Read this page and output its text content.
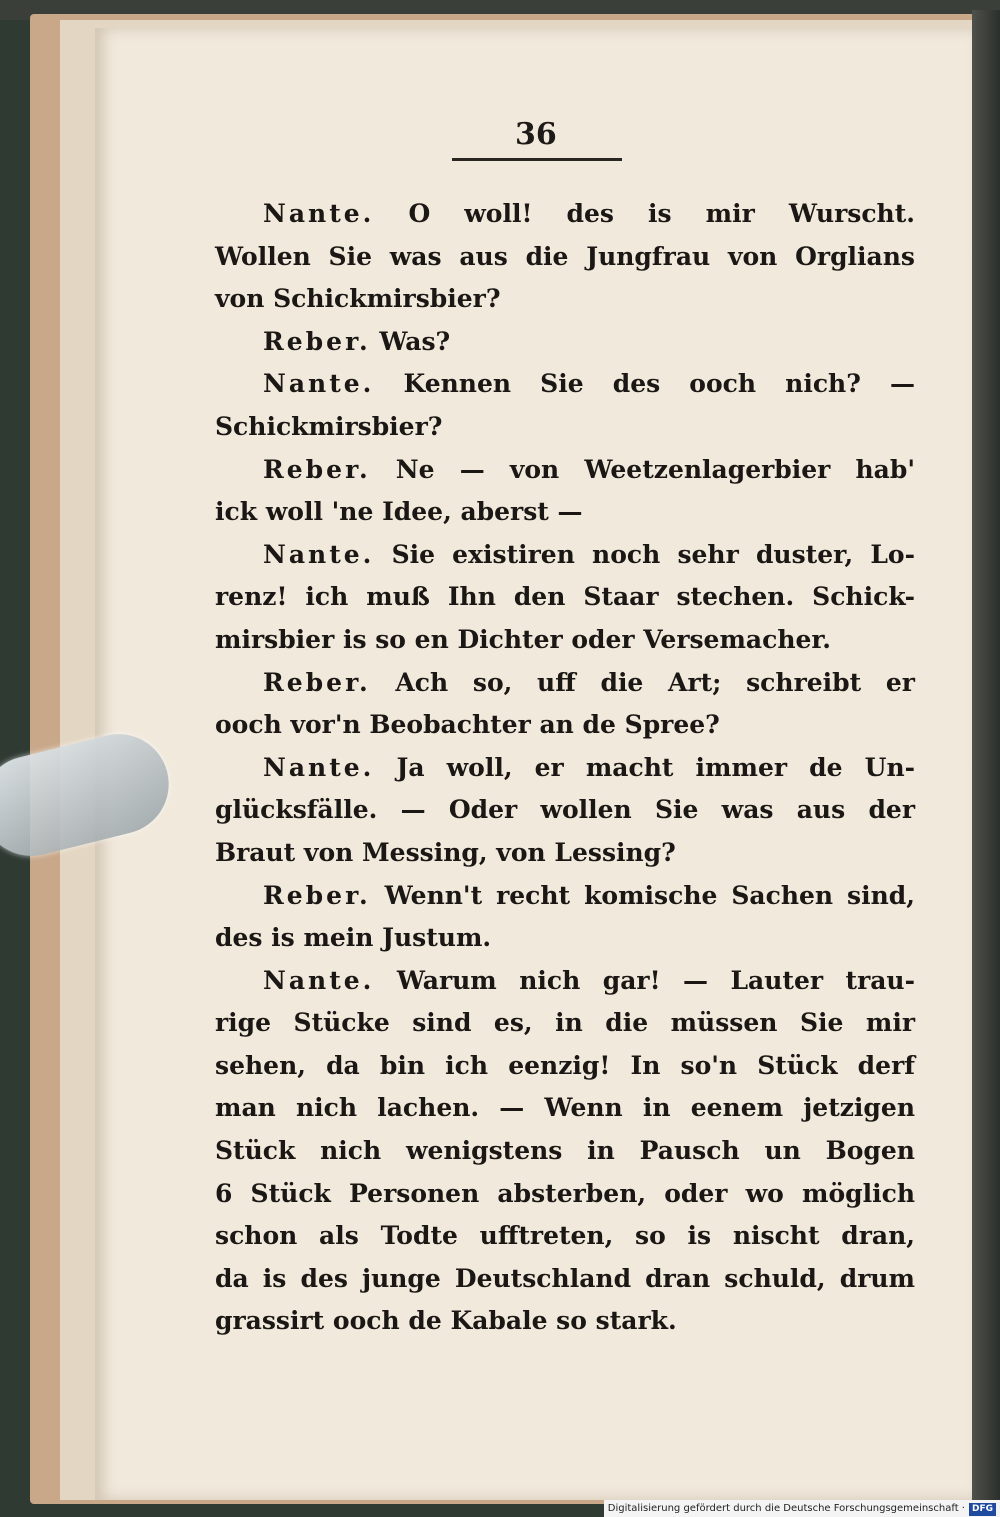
36
Nante. O woll! des is mir Wurscht.
Wollen Sie was aus die Jungfrau von Orglians
von Schickmirsbier?
Reber. Was?
Nante. Kennen Sie des ooch nich? —
Schickmirsbier?
Reber. Ne — von Weetzenlagerbier hab'
ick woll 'ne Idee, aberst —
Nante. Sie existiren noch sehr duster, Lo-
renz! ich muß Ihn den Staar stechen. Schick-
mirsbier is so en Dichter oder Versemacher.
Reber. Ach so, uff die Art; schreibt er
ooch vor'n Beobachter an de Spree?
Nante. Ja woll, er macht immer de Un-
glücksfälle. — Oder wollen Sie was aus der
Braut von Messing, von Lessing?
Reber. Wenn't recht komische Sachen sind,
des is mein Justum.
Nante. Warum nich gar! — Lauter trau-
rige Stücke sind es, in die müssen Sie mir
sehen, da bin ich eenzig! In so'n Stück derf
man nich lachen. — Wenn in eenem jetzigen
Stück nich wenigstens in Pausch un Bogen
6 Stück Personen absterben, oder wo möglich
schon als Todte ufftreten, so is nischt dran,
da is des junge Deutschland dran schuld, drum
grassirt ooch de Kabale so stark.
Digitalisierung gefördert durch die Deutsche Forschungsgemeinschaft · DFG
